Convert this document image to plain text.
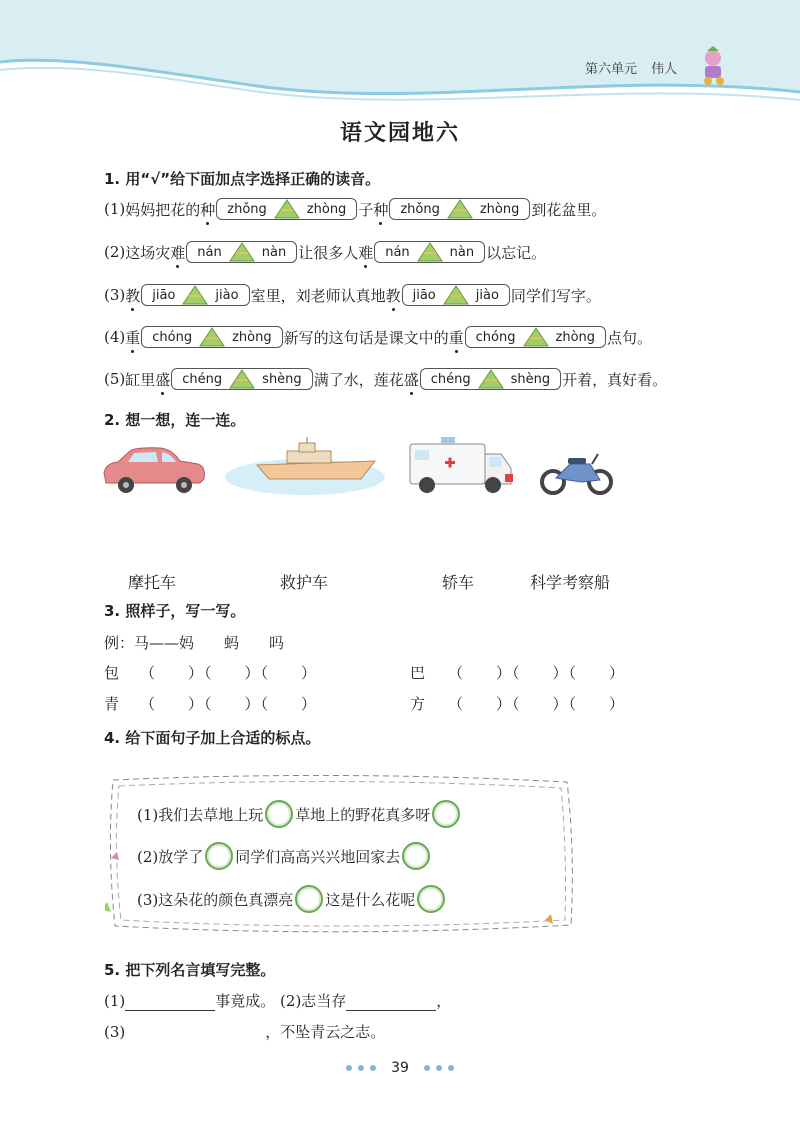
第六单元 伟人
语文园地六
1. 用“√”给下面加点字选择正确的读音。
(1) 妈妈把花的 种 zhǒng	zhòng 子 种 zhǒng	zhòng 到花盆里。
(2) 这场灾 难 nán	nàn 让很多人 难 nán	nàn 以忘记。
(3) 教 jiāo	jiào 室里，刘老师认真地 教 jiāo	jiào 同学们写字。
(4) 重 chóng	zhòng 新写的这句话是课文中的 重 chóng	zhòng 点句。
(5) 缸里 盛 chéng	shèng 满了水，莲花 盛 chéng	shèng 开着，真好看。
2. 想一想，连一连。
摩托车	救护车	轿车	科学考察船
3. 照样子，写一写。
例：马——妈　　蚂　　吗
包 （　　）（　　）（　　）	巴 （　　）（　　）（　　）
青 （　　）（　　）（　　）	方 （　　）（　　）（　　）
4. 给下面句子加上合适的标点。
(1)我们去草地上玩 草地上的野花真多呀
(2)放学了 同学们高高兴兴地回家去
(3)这朵花的颜色真漂亮 这是什么花呢
5. 把下列名言填写完整。
(1)	事竟成。 (2)志当存	，
(3)	，不坠青云之志。
39
